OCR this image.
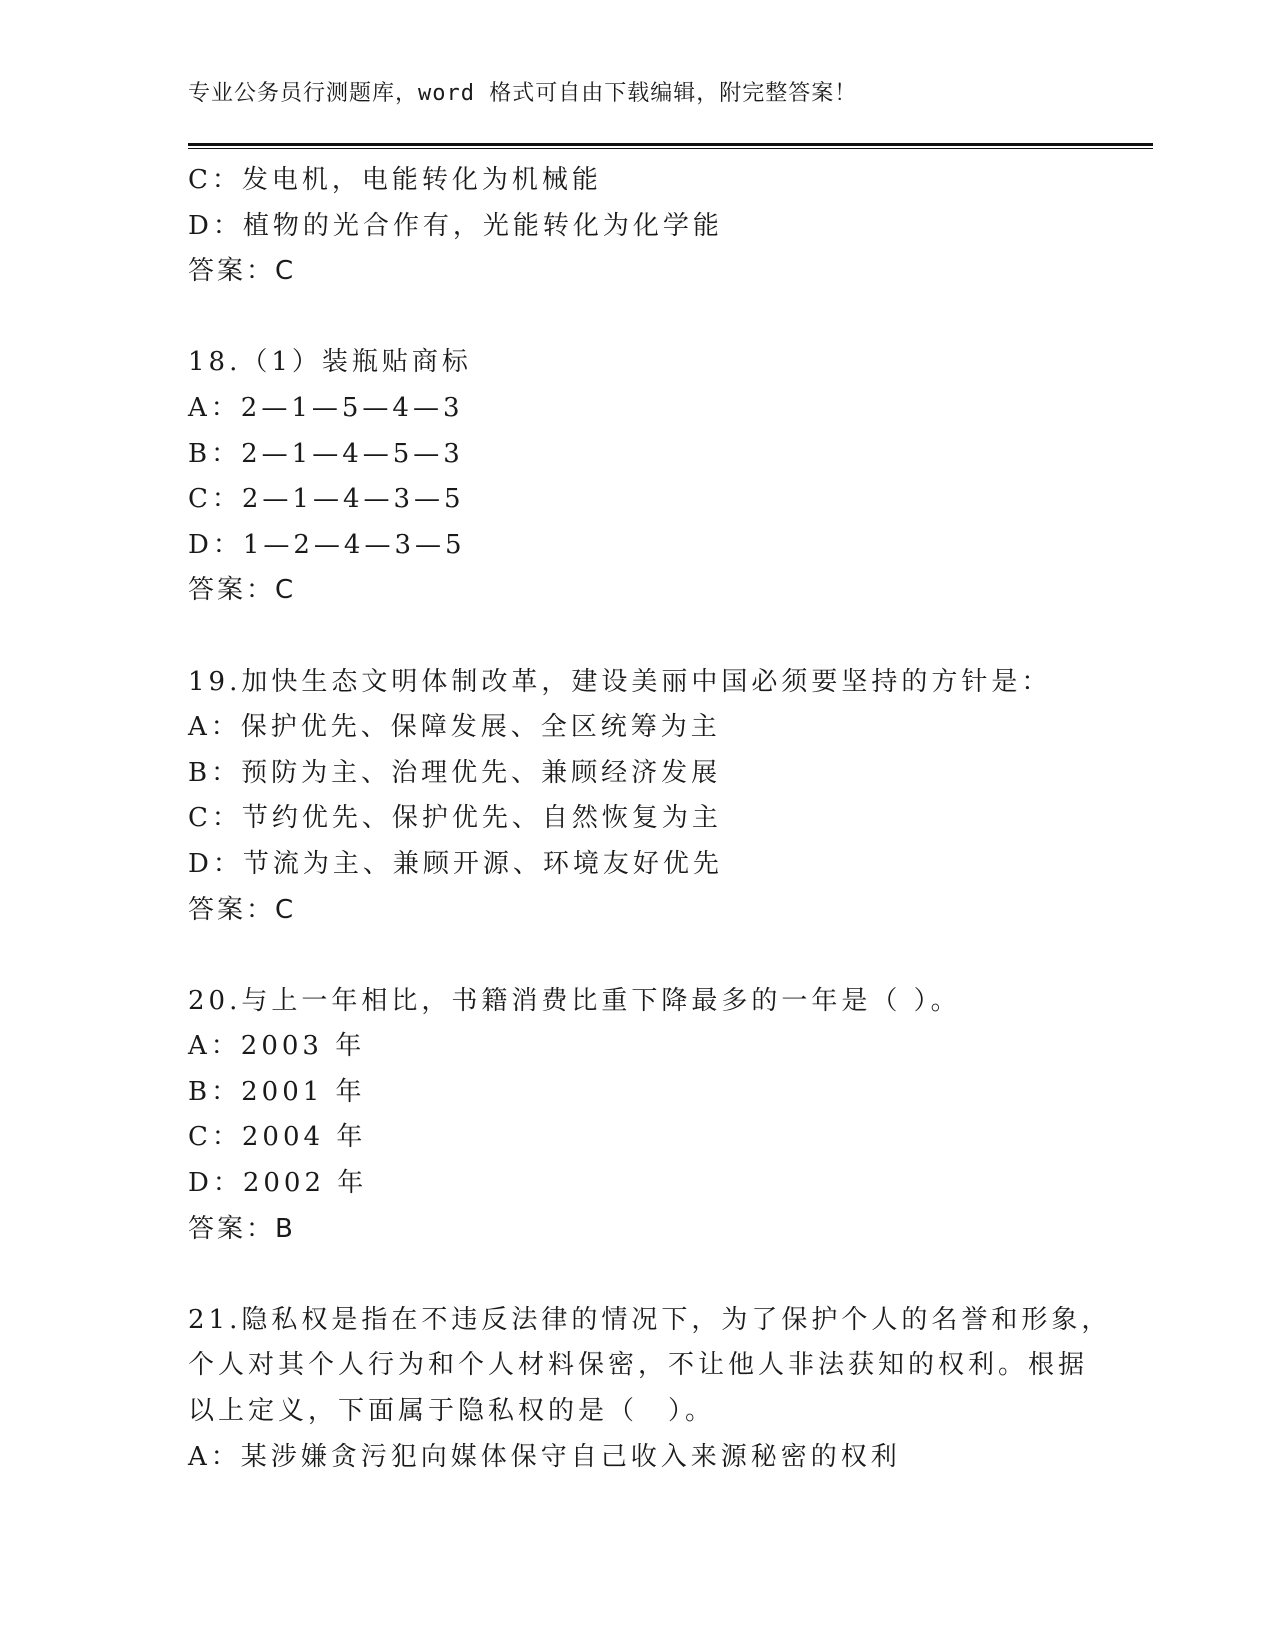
专业公务员行测题库，word 格式可自由下载编辑，附完整答案！
C：发电机，电能转化为机械能
D：植物的光合作有，光能转化为化学能
答案：C
18.（1）装瓶贴商标
A：2—1—5—4—3
B：2—1—4—5—3
C：2—1—4—3—5
D：1—2—4—3—5
答案：C
19.加快生态文明体制改革，建设美丽中国必须要坚持的方针是：
A：保护优先、保障发展、全区统筹为主
B：预防为主、治理优先、兼顾经济发展
C：节约优先、保护优先、自然恢复为主
D：节流为主、兼顾开源、环境友好优先
答案：C
20.与上一年相比，书籍消费比重下降最多的一年是（ ）。
A：2003 年
B：2001 年
C：2004 年
D：2002 年
答案：B
21.隐私权是指在不违反法律的情况下，为了保护个人的名誉和形象，
个人对其个人行为和个人材料保密，不让他人非法获知的权利。根据
以上定义，下面属于隐私权的是（　）。
A：某涉嫌贪污犯向媒体保守自己收入来源秘密的权利
